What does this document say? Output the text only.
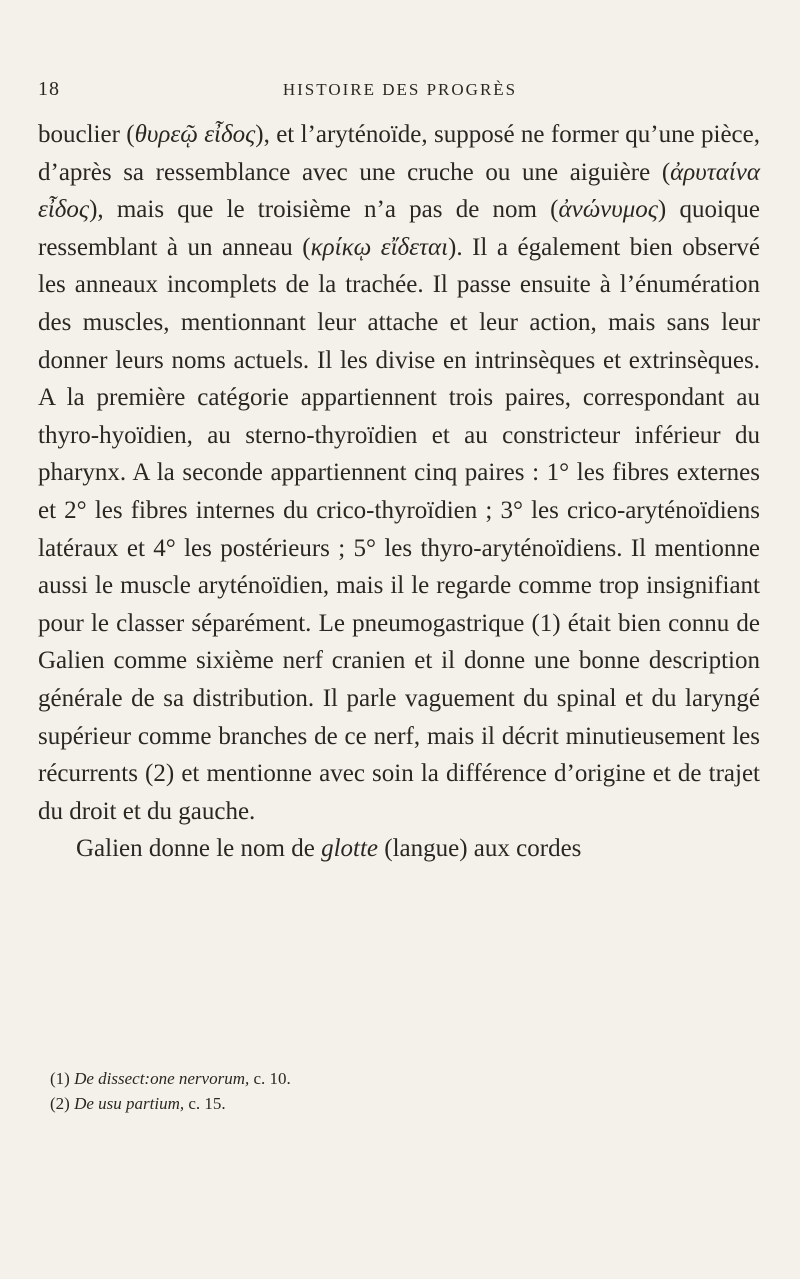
18	HISTOIRE DES PROGRÈS

bouclier (θυρεῷ εἶδος), et l’aryténoïde, supposé ne former qu’une pièce, d’après sa ressemblance avec une cruche ou une aiguière (ἀρυταίνα εἶδος), mais que le troisième n’a pas de nom (ἀνώνυμος) quoique ressemblant à un anneau (κρίκῳ εἴδεται). Il a également bien observé les anneaux incomplets de la trachée. Il passe ensuite à l’énumération des muscles, mentionnant leur attache et leur action, mais sans leur donner leurs noms actuels. Il les divise en intrinsèques et extrinsèques. A la première catégorie appartiennent trois paires, correspondant au thyro-hyoïdien, au sterno-thyroïdien et au constricteur inférieur du pharynx. A la seconde appartiennent cinq paires : 1° les fibres externes et 2° les fibres internes du crico-thyroïdien ; 3° les crico-aryténoïdiens latéraux et 4° les postérieurs ; 5° les thyro-aryténoïdiens. Il mentionne aussi le muscle aryténoïdien, mais il le regarde comme trop insignifiant pour le classer séparément. Le pneumogastrique (1) était bien connu de Galien comme sixième nerf cranien et il donne une bonne description générale de sa distribution. Il parle vaguement du spinal et du laryngé supérieur comme branches de ce nerf, mais il décrit minutieusement les récurrents (2) et mentionne avec soin la différence d’origine et de trajet du droit et du gauche.

Galien donne le nom de glotte (langue) aux cordes

(1) De dissect:one nervorum, c. 10.
(2) De usu partium, c. 15.
